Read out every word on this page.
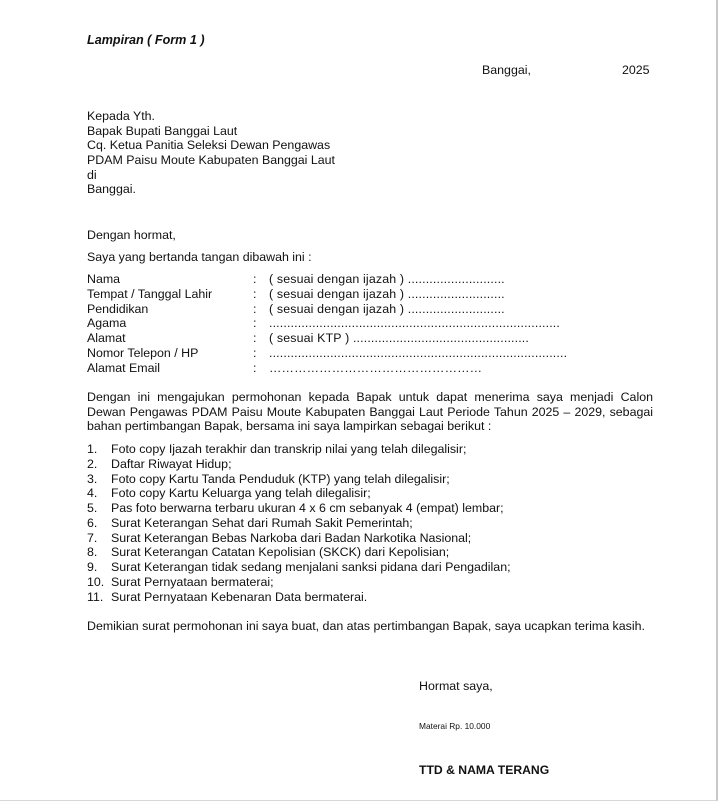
Lampiran ( Form 1 )
Banggai,	2025
Kepada Yth.
Bapak Bupati Banggai Laut
Cq. Ketua Panitia Seleksi Dewan Pengawas
PDAM Paisu Moute Kabupaten Banggai Laut
di
Banggai.
Dengan hormat,
Saya yang bertanda tangan dibawah ini :
Nama	: ( sesuai dengan ijazah ) ...........................
Tempat / Tanggal Lahir	: ( sesuai dengan ijazah ) ...........................
Pendidikan	: ( sesuai dengan ijazah ) ...........................
Agama	: .................................................................................
Alamat	: ( sesuai KTP ) .................................................
Nomor Telepon / HP	: ...................................................................................
Alamat Email	: ……………………………………………
Dengan ini mengajukan permohonan kepada Bapak untuk dapat menerima saya menjadi Calon Dewan Pengawas PDAM Paisu Moute Kabupaten Banggai Laut Periode Tahun 2025 – 2029, sebagai bahan pertimbangan Bapak, bersama ini saya lampirkan sebagai berikut :
1. Foto copy Ijazah terakhir dan transkrip nilai yang telah dilegalisir;
2. Daftar Riwayat Hidup;
3. Foto copy Kartu Tanda Penduduk (KTP) yang telah dilegalisir;
4. Foto copy Kartu Keluarga yang telah dilegalisir;
5. Pas foto berwarna terbaru ukuran 4 x 6 cm sebanyak 4 (empat) lembar;
6. Surat Keterangan Sehat dari Rumah Sakit Pemerintah;
7. Surat Keterangan Bebas Narkoba dari Badan Narkotika Nasional;
8. Surat Keterangan Catatan Kepolisian (SKCK) dari Kepolisian;
9. Surat Keterangan tidak sedang menjalani sanksi pidana dari Pengadilan;
10. Surat Pernyataan bermaterai;
11. Surat Pernyataan Kebenaran Data bermaterai.
Demikian surat permohonan ini saya buat, dan atas pertimbangan Bapak, saya ucapkan terima kasih.
Hormat saya,
Materai Rp. 10.000
TTD & NAMA TERANG
